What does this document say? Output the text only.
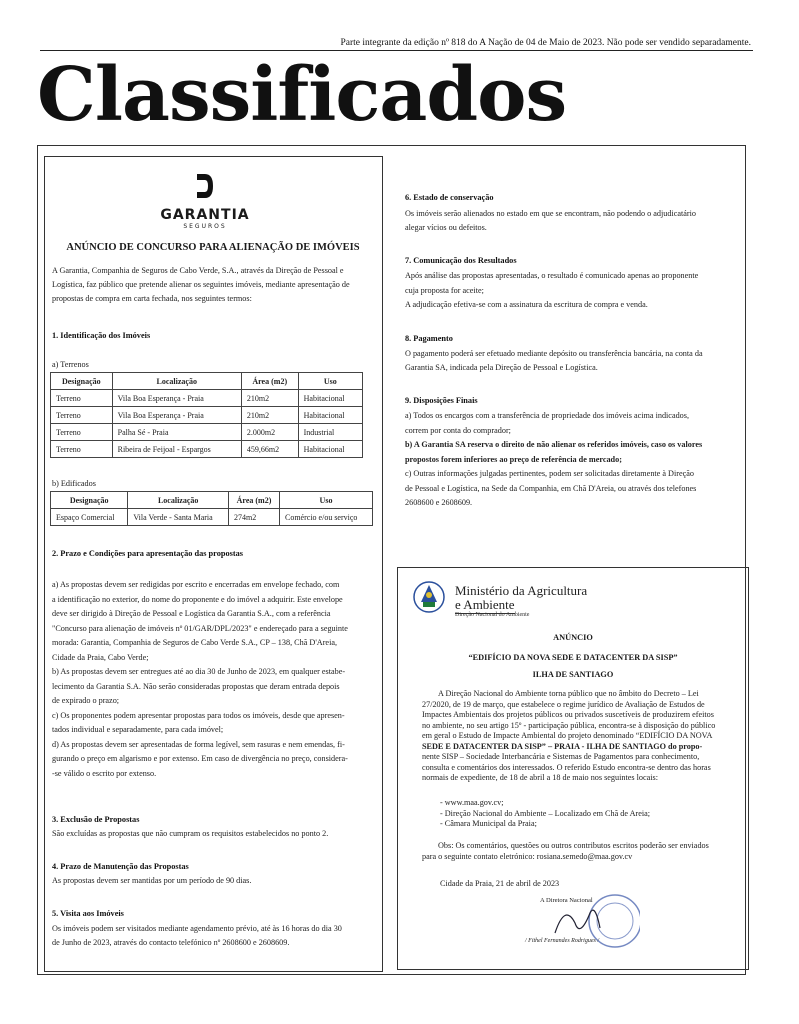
Parte integrante da edição nº 818 do A Nação de 04 de Maio de 2023. Não pode ser vendido separadamente.
Classificados
GARANTIA
SEGUROS
ANÚNCIO DE CONCURSO PARA ALIENAÇÃO DE IMÓVEIS
A Garantia, Companhia de Seguros de Cabo Verde, S.A., através da Direção de Pessoal e
Logística, faz público que pretende alienar os seguintes imóveis, mediante apresentação de
propostas de compra em carta fechada, nos seguintes termos:
1. Identificação dos Imóveis
a) Terrenos
Designação	Localização	Área (m2)	Uso
Terreno	Vila Boa Esperança - Praia	210m2	Habitacional
Terreno	Vila Boa Esperança - Praia	210m2	Habitacional
Terreno	Palha Sé - Praia	2.000m2	Industrial
Terreno	Ribeira de Feijoal - Espargos	459,66m2	Habitacional
b) Edificados
Designação	Localização	Área (m2)	Uso
Espaço Comercial	Vila Verde - Santa Maria	274m2	Comércio e/ou serviço
2. Prazo e Condições para apresentação das propostas
a) As propostas devem ser redigidas por escrito e encerradas em envelope fechado, com
a identificação no exterior, do nome do proponente e do imóvel a adquirir. Este envelope
deve ser dirigido à Direção de Pessoal e Logística da Garantia S.A., com a referência
"Concurso para alienação de imóveis nº 01/GAR/DPL/2023" e endereçado para a seguinte
morada: Garantia, Companhia de Seguros de Cabo Verde S.A., CP – 138, Chã D'Areia,
Cidade da Praia, Cabo Verde;
b) As propostas devem ser entregues até ao dia 30 de Junho de 2023, em qualquer estabe-
lecimento da Garantia S.A. Não serão consideradas propostas que deram entrada depois
de expirado o prazo;
c) Os proponentes podem apresentar propostas para todos os imóveis, desde que apresen-
tados individual e separadamente, para cada imóvel;
d) As propostas devem ser apresentadas de forma legível, sem rasuras e nem emendas, fi-
gurando o preço em algarismo e por extenso. Em caso de divergência no preço, considera-
-se válido o escrito por extenso.
3. Exclusão de Propostas
São excluídas as propostas que não cumpram os requisitos estabelecidos no ponto 2.
4. Prazo de Manutenção das Propostas
As propostas devem ser mantidas por um período de 90 dias.
5. Visita aos Imóveis
Os imóveis podem ser visitados mediante agendamento prévio, até às 16 horas do dia 30
de Junho de 2023, através do contacto telefónico nº 2608600 e 2608609.
6. Estado de conservação
Os imóveis serão alienados no estado em que se encontram, não podendo o adjudicatário
alegar vícios ou defeitos.
7. Comunicação dos Resultados
Após análise das propostas apresentadas, o resultado é comunicado apenas ao proponente
cuja proposta for aceite;
A adjudicação efetiva-se com a assinatura da escritura de compra e venda.
8. Pagamento
O pagamento poderá ser efetuado mediante depósito ou transferência bancária, na conta da
Garantia SA, indicada pela Direção de Pessoal e Logística.
9. Disposições Finais
a) Todos os encargos com a transferência de propriedade dos imóveis acima indicados,
correm por conta do comprador;
b) A Garantia SA reserva o direito de não alienar os referidos imóveis, caso os valores
propostos forem inferiores ao preço de referência de mercado;
c) Outras informações julgadas pertinentes, podem ser solicitadas diretamente à Direção
de Pessoal e Logística, na Sede da Companhia, em Chã D'Areia, ou através dos telefones
2608600 e 2608609.
Ministério da Agricultura
e Ambiente
Direção Nacional do Ambiente
ANÚNCIO
“EDIFÍCIO DA NOVA SEDE E DATACENTER DA SISP”
ILHA DE SANTIAGO
A Direção Nacional do Ambiente torna público que no âmbito do Decreto – Lei
27/2020, de 19 de março, que estabelece o regime jurídico de Avaliação de Estudos de
Impactes Ambientais dos projetos públicos ou privados suscetíveis de produzirem efeitos
no ambiente, no seu artigo 15º - participação pública, encontra-se à disposição do público
em geral o Estudo de Impacte Ambiental do projeto denominado “EDIFÍCIO DA NOVA
SEDE E DATACENTER DA SISP” – PRAIA - ILHA DE SANTIAGO do propo-
nente SISP – Sociedade Interbancária e Sistemas de Pagamentos para conhecimento,
consulta e comentários dos interessados. O referido Estudo encontra-se dentro das horas
normais de expediente, de 18 de abril a 18 de maio nos seguintes locais:
- www.maa.gov.cv;
- Direção Nacional do Ambiente – Localizado em Chã de Areia;
- Câmara Municipal da Praia;
Obs: Os comentários, questões ou outros contributos escritos poderão ser enviados
para o seguinte contato eletrónico: rosiana.semedo@maa.gov.cv
Cidade da Praia, 21 de abril de 2023
A Diretora Nacional
/ Fithel Fernandes Rodrigues /
